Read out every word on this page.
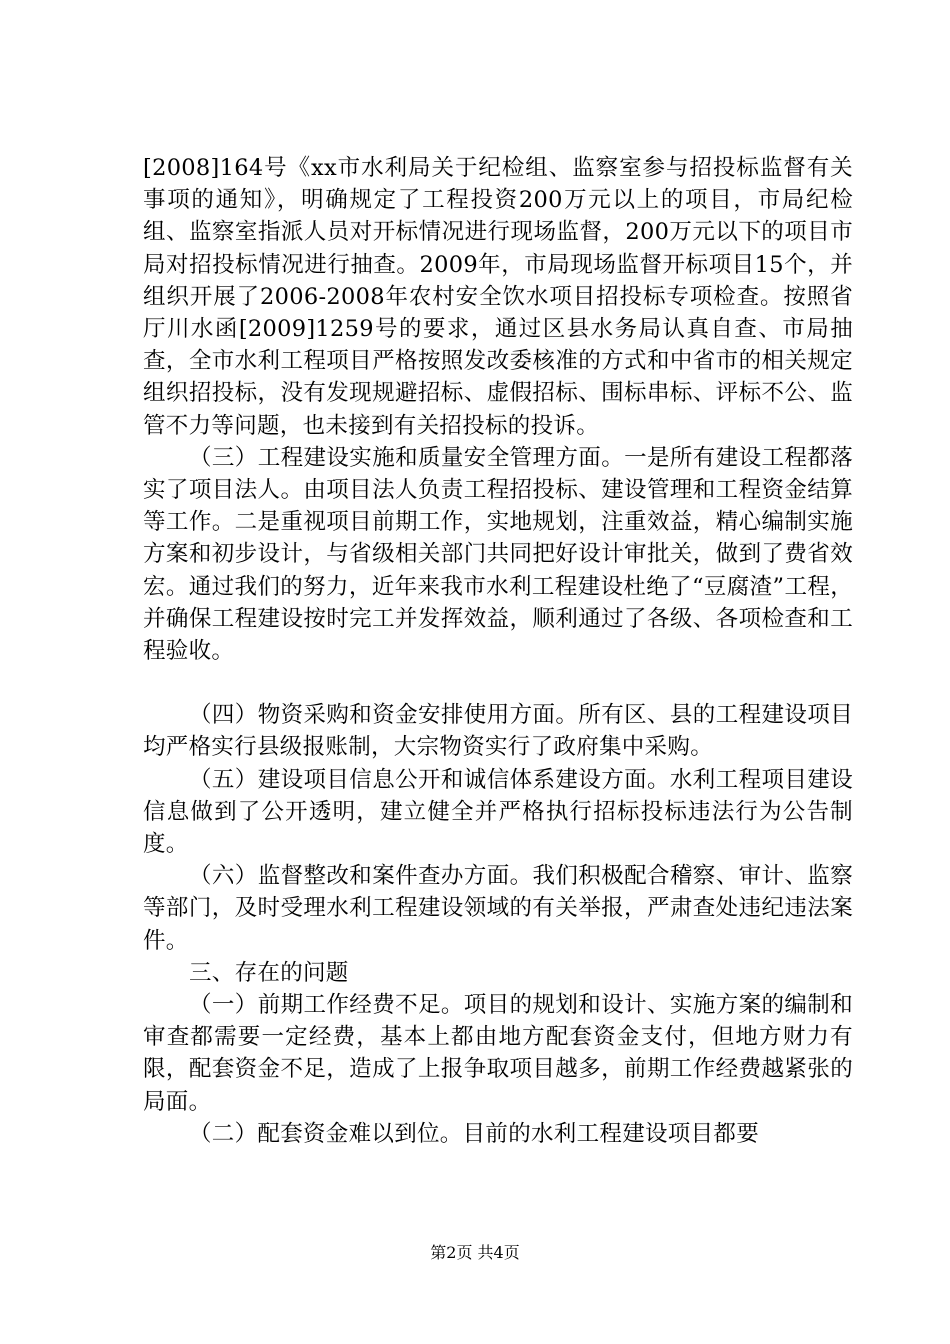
[2008]164号《xx市水利局关于纪检组、监察室参与招投标监督有关事项的通知》，明确规定了工程投资200万元以上的项目，市局纪检组、监察室指派人员对开标情况进行现场监督，200万元以下的项目市局对招投标情况进行抽查。2009年，市局现场监督开标项目15个，并组织开展了2006-2008年农村安全饮水项目招投标专项检查。按照省厅川水函[2009]1259号的要求，通过区县水务局认真自查、市局抽查，全市水利工程项目严格按照发改委核准的方式和中省市的相关规定组织招投标，没有发现规避招标、虚假招标、围标串标、评标不公、监管不力等问题，也未接到有关招投标的投诉。

（三）工程建设实施和质量安全管理方面。一是所有建设工程都落实了项目法人。由项目法人负责工程招投标、建设管理和工程资金结算等工作。二是重视项目前期工作，实地规划，注重效益，精心编制实施方案和初步设计，与省级相关部门共同把好设计审批关，做到了费省效宏。通过我们的努力，近年来我市水利工程建设杜绝了“豆腐渣”工程，并确保工程建设按时完工并发挥效益，顺利通过了各级、各项检查和工程验收。

（四）物资采购和资金安排使用方面。所有区、县的工程建设项目均严格实行县级报账制，大宗物资实行了政府集中采购。

（五）建设项目信息公开和诚信体系建设方面。水利工程项目建设信息做到了公开透明，建立健全并严格执行招标投标违法行为公告制度。

（六）监督整改和案件查办方面。我们积极配合稽察、审计、监察等部门，及时受理水利工程建设领域的有关举报，严肃查处违纪违法案件。

三、存在的问题

（一）前期工作经费不足。项目的规划和设计、实施方案的编制和审查都需要一定经费，基本上都由地方配套资金支付，但地方财力有限，配套资金不足，造成了上报争取项目越多，前期工作经费越紧张的局面。

（二）配套资金难以到位。目前的水利工程建设项目都要

第2页 共4页
